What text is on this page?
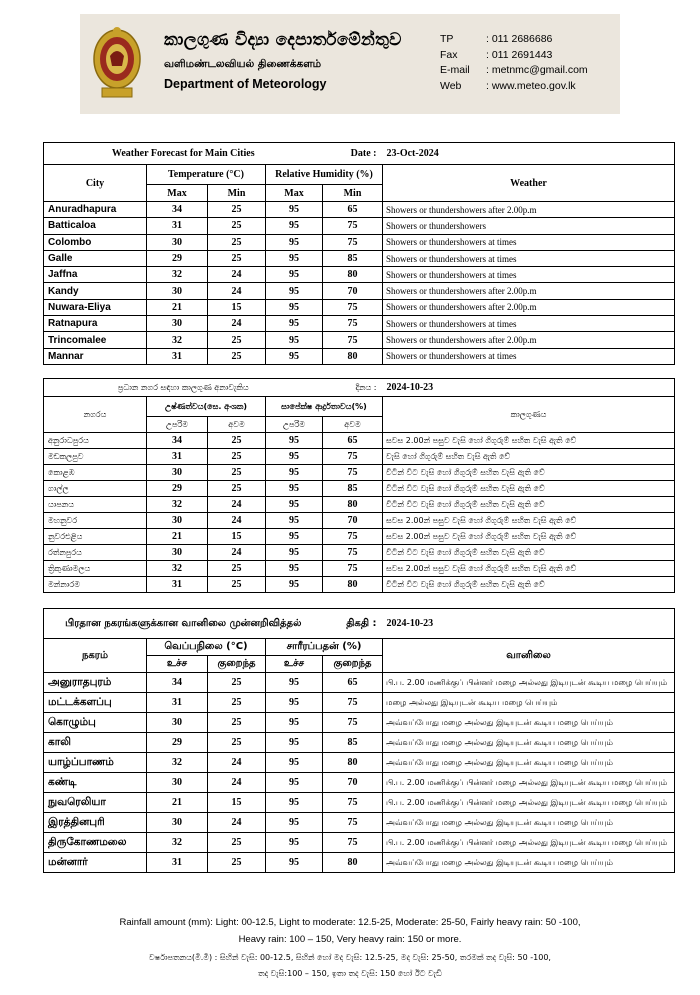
කාලගුණ විද්‍යා දෙපාර්තමේන්තුව
வளிமண்டலவியல் திணைக்களம்
Department of Meteorology
TP	: 011 2686686
Fax	: 011 2691443
E-mail	: metnmc@gmail.com
Web	: www.meteo.gov.lk
Weather Forecast for Main Cities				Date :	23-Oct-2024
City	Temperature (°C)		Relative Humidity (%)		Weather
	Max	Min	Max	Min	
Anuradhapura	34	25	95	65	Showers or thundershowers after 2.00p.m
Batticaloa	31	25	95	75	Showers or thundershowers
Colombo	30	25	95	75	Showers or thundershowers at times
Galle	29	25	95	85	Showers or thundershowers at times
Jaffna	32	24	95	80	Showers or thundershowers at times
Kandy	30	24	95	70	Showers or thundershowers after 2.00p.m
Nuwara-Eliya	21	15	95	75	Showers or thundershowers after 2.00p.m
Ratnapura	30	24	95	75	Showers or thundershowers at times
Trincomalee	32	25	95	75	Showers or thundershowers after 2.00p.m
Mannar	31	25	95	80	Showers or thundershowers at times
ප්‍රධාන නගර සඳහා කාලගුණ අනාවැකිය				දිනය :	2024-10-23
නගරය	උෂ්ණත්වය(සෙ. අංශක)		සාපේක්ෂ ආර්ද්‍රතාවය(%)		කාලගුණය
	උපරිම	අවම	උපරිම	අවම	
අනුරාධපුරය	34	25	95	65	සවස 2.00න් පසුව වැසි හෝ ගිගුරුම් සහිත වැසි ඇති වේ
මඩකලපුව	31	25	95	75	වැසි හෝ ගිගුරුම් සහිත වැසි ඇති වේ
කොළඹ	30	25	95	75	විටින් විට වැසි හෝ ගිගුරුම් සහිත වැසි ඇති වේ
ගාල්ල	29	25	95	85	විටින් විට වැසි හෝ ගිගුරුම් සහිත වැසි ඇති වේ
යාපනය	32	24	95	80	විටින් විට වැසි හෝ ගිගුරුම් සහිත වැසි ඇති වේ
මහනුවර	30	24	95	70	සවස 2.00න් පසුව වැසි හෝ ගිගුරුම් සහිත වැසි ඇති වේ
නුවරඑළිය	21	15	95	75	සවස 2.00න් පසුව වැසි හෝ ගිගුරුම් සහිත වැසි ඇති වේ
රත්නපුරය	30	24	95	75	විටින් විට වැසි හෝ ගිගුරුම් සහිත වැසි ඇති වේ
ත්‍රිකුණාමලය	32	25	95	75	සවස 2.00න් පසුව වැසි හෝ ගිගුරුම් සහිත වැසි ඇති වේ
මන්නාරම	31	25	95	80	විටින් විට වැසි හෝ ගිගුරුම් සහිත වැසි ඇති වේ
பிரதான நகரங்களுக்கான வானிலை முன்னறிவித்தல்				திகதி :	2024-10-23
நகரம்	வெப்பநிலை (°C)		சாரீரப்பதன் (%)		வானிலை
	உச்ச	குறைந்த	உச்ச	குறைந்த	
அனுராதபுரம்	34	25	95	65	பி.ப. 2.00 மணிக்குப் பின்னர் மழை அல்லது இடியுடன் கூடிய மழை பெய்யும்
மட்டக்களப்பு	31	25	95	75	மழை அல்லது இடியுடன் கூடிய மழை பெய்யும்
கொழும்பு	30	25	95	75	அவ்வப்போது மழை அல்லது இடியுடன் கூடிய மழை பெய்யும்
காலி	29	25	95	85	அவ்வப்போது மழை அல்லது இடியுடன் கூடிய மழை பெய்யும்
யாழ்ப்பாணம்	32	24	95	80	அவ்வப்போது மழை அல்லது இடியுடன் கூடிய மழை பெய்யும்
கண்டி	30	24	95	70	பி.ப. 2.00 மணிக்குப் பின்னர் மழை அல்லது இடியுடன் கூடிய மழை பெய்யும்
நுவரெலியா	21	15	95	75	பி.ப. 2.00 மணிக்குப் பின்னர் மழை அல்லது இடியுடன் கூடிய மழை பெய்யும்
இரத்தினபுரி	30	24	95	75	அவ்வப்போது மழை அல்லது இடியுடன் கூடிய மழை பெய்யும்
திருகோணமலை	32	25	95	75	பி.ப. 2.00 மணிக்குப் பின்னர் மழை அல்லது இடியுடன் கூடிய மழை பெய்யும்
மன்னார்	31	25	95	80	அவ்வப்போது மழை அல்லது இடியுடன் கூடிய மழை பெய்யும்
Rainfall amount (mm): Light: 00-12.5, Light to moderate: 12.5-25, Moderate: 25-50, Fairly heavy rain: 50 -100,
Heavy rain: 100 – 150, Very heavy rain: 150 or more.
වර්ෂාපතනය(මි.මී) : සිහින් වැසි: 00-12.5, සිහින් හෝ මද වැසි: 12.5-25, මද වැසි: 25-50, තරමක් තද වැසි: 50 -100,
තද වැසි:100 – 150, ඉතා තද වැසි: 150 හෝ ඊට වැඩි
